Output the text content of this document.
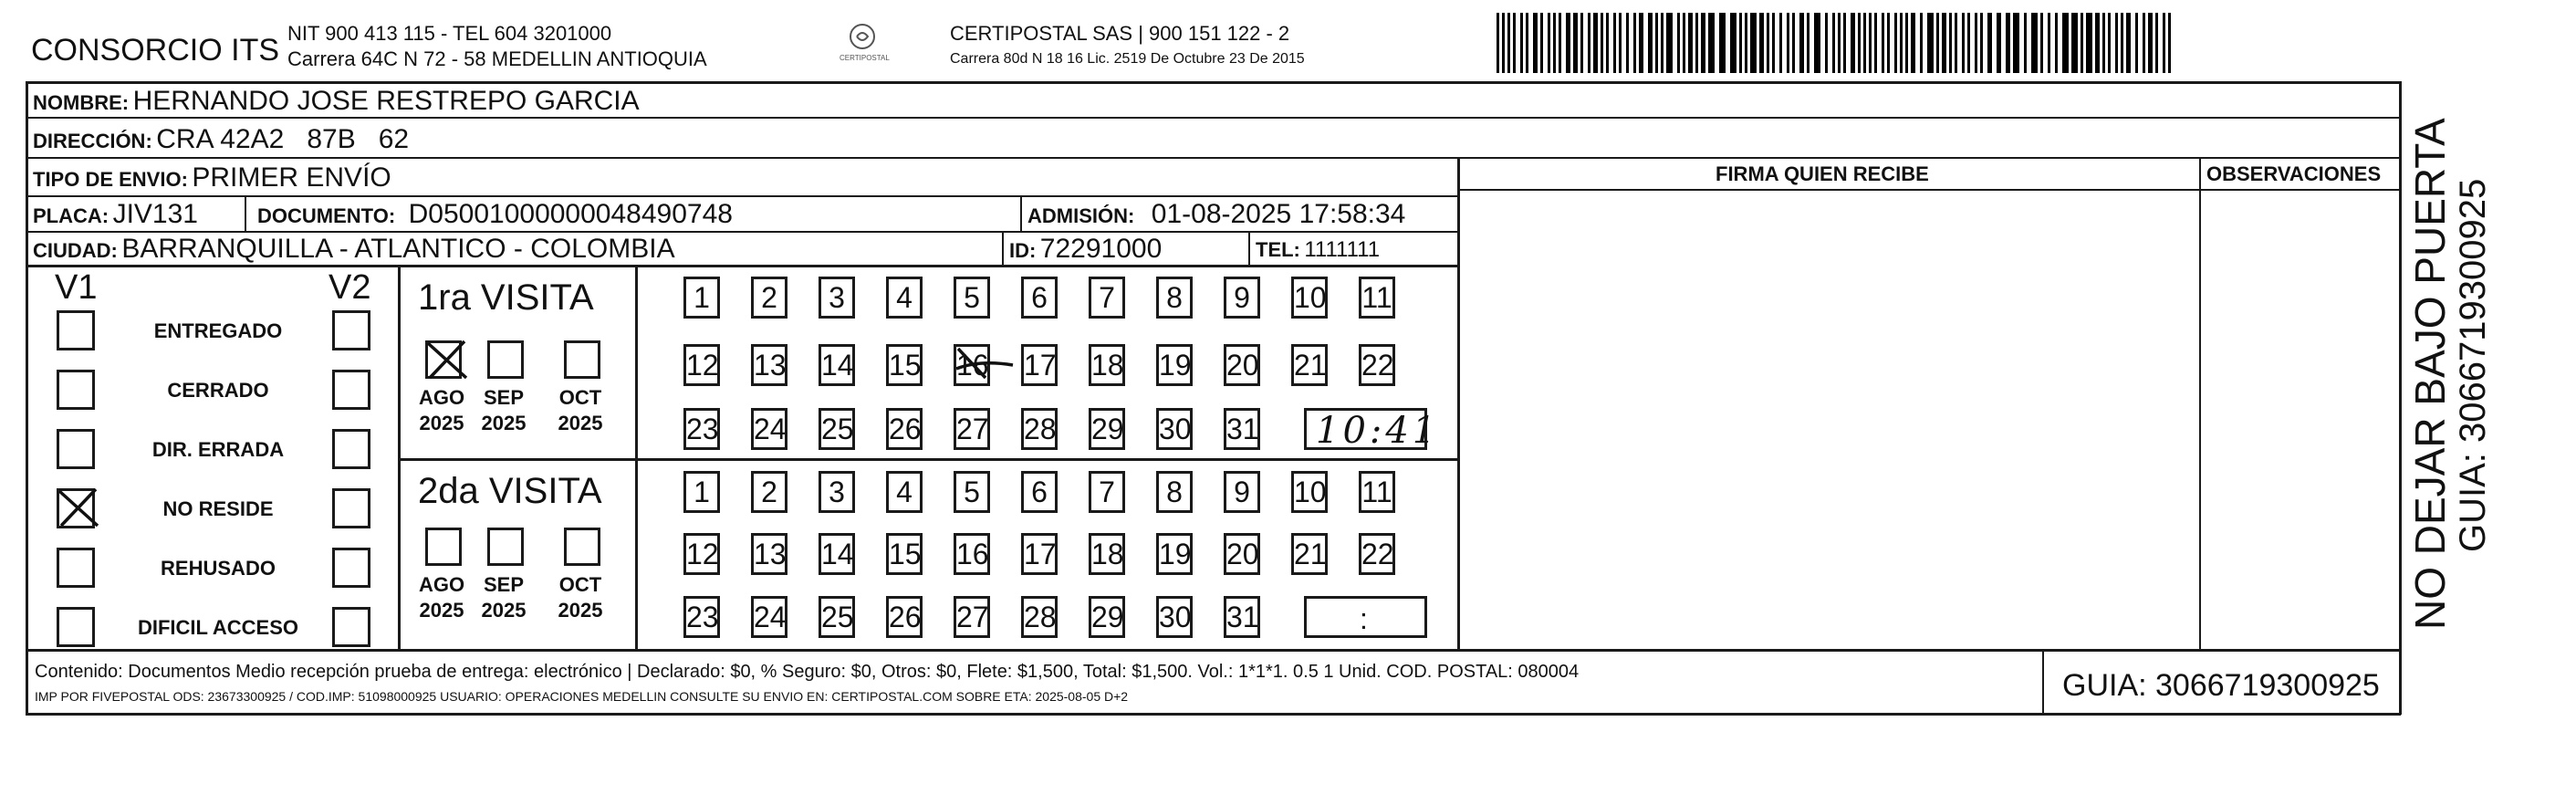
CONSORCIO ITS NIT 900 413 115 - TEL 604 3201000
Carrera 64C N 72 - 58 MEDELLIN ANTIOQUIA	CERTIPOSTAL
CERTIPOSTAL SAS | 900 151 122 - 2
Carrera 80d N 18 16 Lic. 2519 De Octubre 23 De 2015
NOMBRE: HERNANDO JOSE RESTREPO GARCIA
DIRECCIÓN: CRA 42A2   87B   62
TIPO DE ENVIO: PRIMER ENVÍO
PLACA: JIV131	DOCUMENTO: D05001000000048490748	ADMISIÓN: 01-08-2025 17:58:34
CIUDAD: BARRANQUILLA - ATLANTICO - COLOMBIA	ID: 72291000	TEL: 1111111
FIRMA QUIEN RECIBE	OBSERVACIONES
V1	V2
ENTREGADO
CERRADO
DIR. ERRADA
NO RESIDE
REHUSADO
DIFICIL ACCESO
1ra VISITA
AGO
2025
SEP
2025
OCT
2025
1	2	3	4	5	6	7	8	9	10 11
12 13 14 15 16 17 18 19 20 21 22
23 24 25 26 27 28 29 30 31 10:41
2da VISITA
AGO
2025
SEP
2025
OCT
2025
1	2	3	4	5	6	7	8	9	10 11
12 13 14 15 16 17 18 19 20 21 22
23 24 25 26 27 28 29 30 31	:	NO DEJAR BAJO PUERTA GUIA: 3066719300925
Contenido: Documentos Medio recepción prueba de entrega: electrónico | Declarado: $0, % Seguro: $0, Otros: $0, Flete: $1,500, Total: $1,500. Vol.: 1*1*1. 0.5 1 Unid. COD. POSTAL: 080004
IMP POR FIVEPOSTAL ODS: 23673300925 / COD.IMP: 51098000925 USUARIO: OPERACIONES MEDELLIN CONSULTE SU ENVIO EN: CERTIPOSTAL.COM SOBRE ETA: 2025-08-05 D+2	GUIA: 3066719300925
